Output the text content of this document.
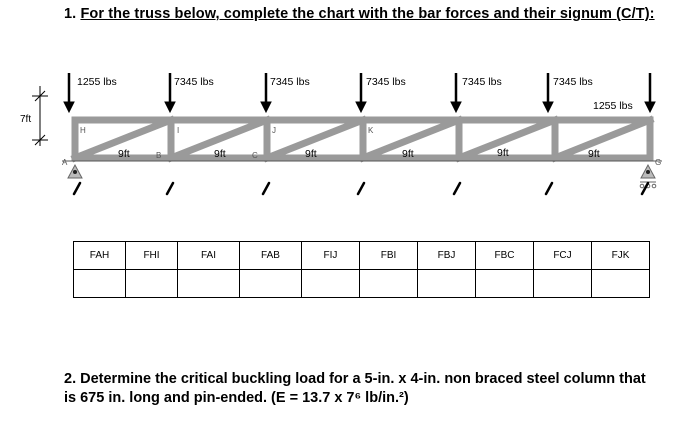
1. For the truss below, complete the chart with the bar forces and their signum (C/T):
7ft
1255 lbs	7345 lbs	7345 lbs	7345 lbs	7345 lbs	7345 lbs
1255 lbs
9ft	9ft	9ft	9ft	9ft	9ft
A
B	C
G
H	I	J	K
FAH	FHI	FAI	FAB	FIJ	FBI	FBJ	FBC	FCJ	FJK

2. Determine the critical buckling load for a 5-in. x 4-in. non braced steel column that
is 675 in. long and pin-ended. (E = 13.7 x 7⁶ lb/in.²)
